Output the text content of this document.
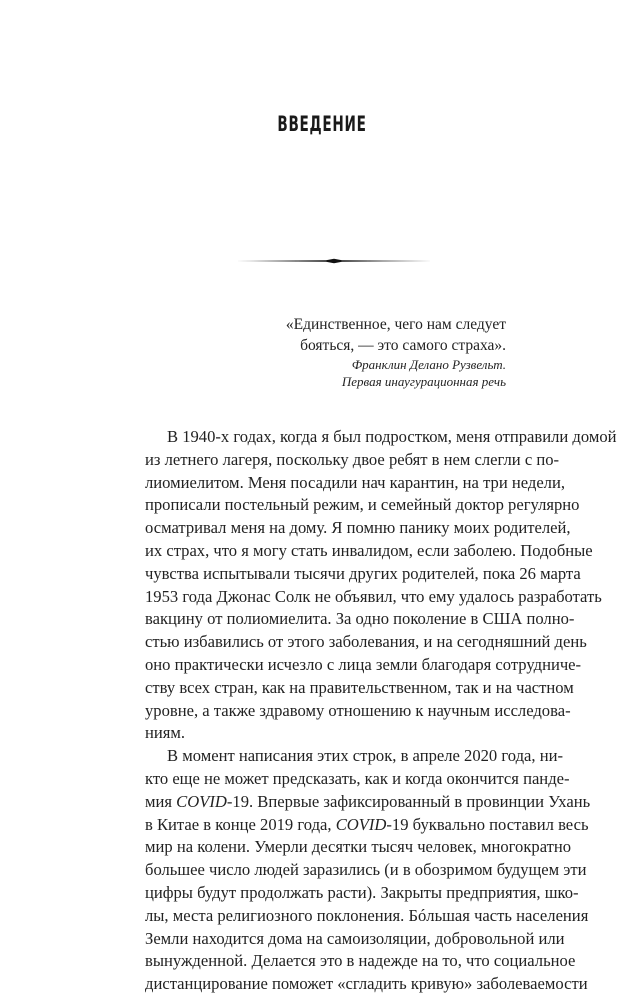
ВВЕДЕНИЕ
«Единственное, чего нам следует
бояться, — это самого страха».
Франклин Делано Рузвельт.
Первая инаугурационная речь
В 1940-х годах, когда я был подростком, меня отправили домой
из летнего лагеря, поскольку двое ребят в нем слегли с по-
лиомиелитом. Меня посадили нач карантин, на три недели,
прописали постельный режим, и семейный доктор регулярно
осматривал меня на дому. Я помню панику моих родителей,
их страх, что я могу стать инвалидом, если заболею. Подобные
чувства испытывали тысячи других родителей, пока 26 марта
1953 года Джонас Солк не объявил, что ему удалось разработать
вакцину от полиомиелита. За одно поколение в США полно-
стью избавились от этого заболевания, и на сегодняшний день
оно практически исчезло с лица земли благодаря сотрудниче-
ству всех стран, как на правительственном, так и на частном
уровне, а также здравому отношению к научным исследова-
ниям.
В момент написания этих строк, в апреле 2020 года, ни-
кто еще не может предсказать, как и когда окончится панде-
мия COVID-19. Впервые зафиксированный в провинции Ухань
в Китае в конце 2019 года, COVID-19 буквально поставил весь
мир на колени. Умерли десятки тысяч человек, многократно
большее число людей заразились (и в обозримом будущем эти
цифры будут продолжать расти). Закрыты предприятия, шко-
лы, места религиозного поклонения. Бóльшая часть населения
Земли находится дома на самоизоляции, добровольной или
вынужденной. Делается это в надежде на то, что социальное
дистанцирование поможет «сгладить кривую» заболеваемости
